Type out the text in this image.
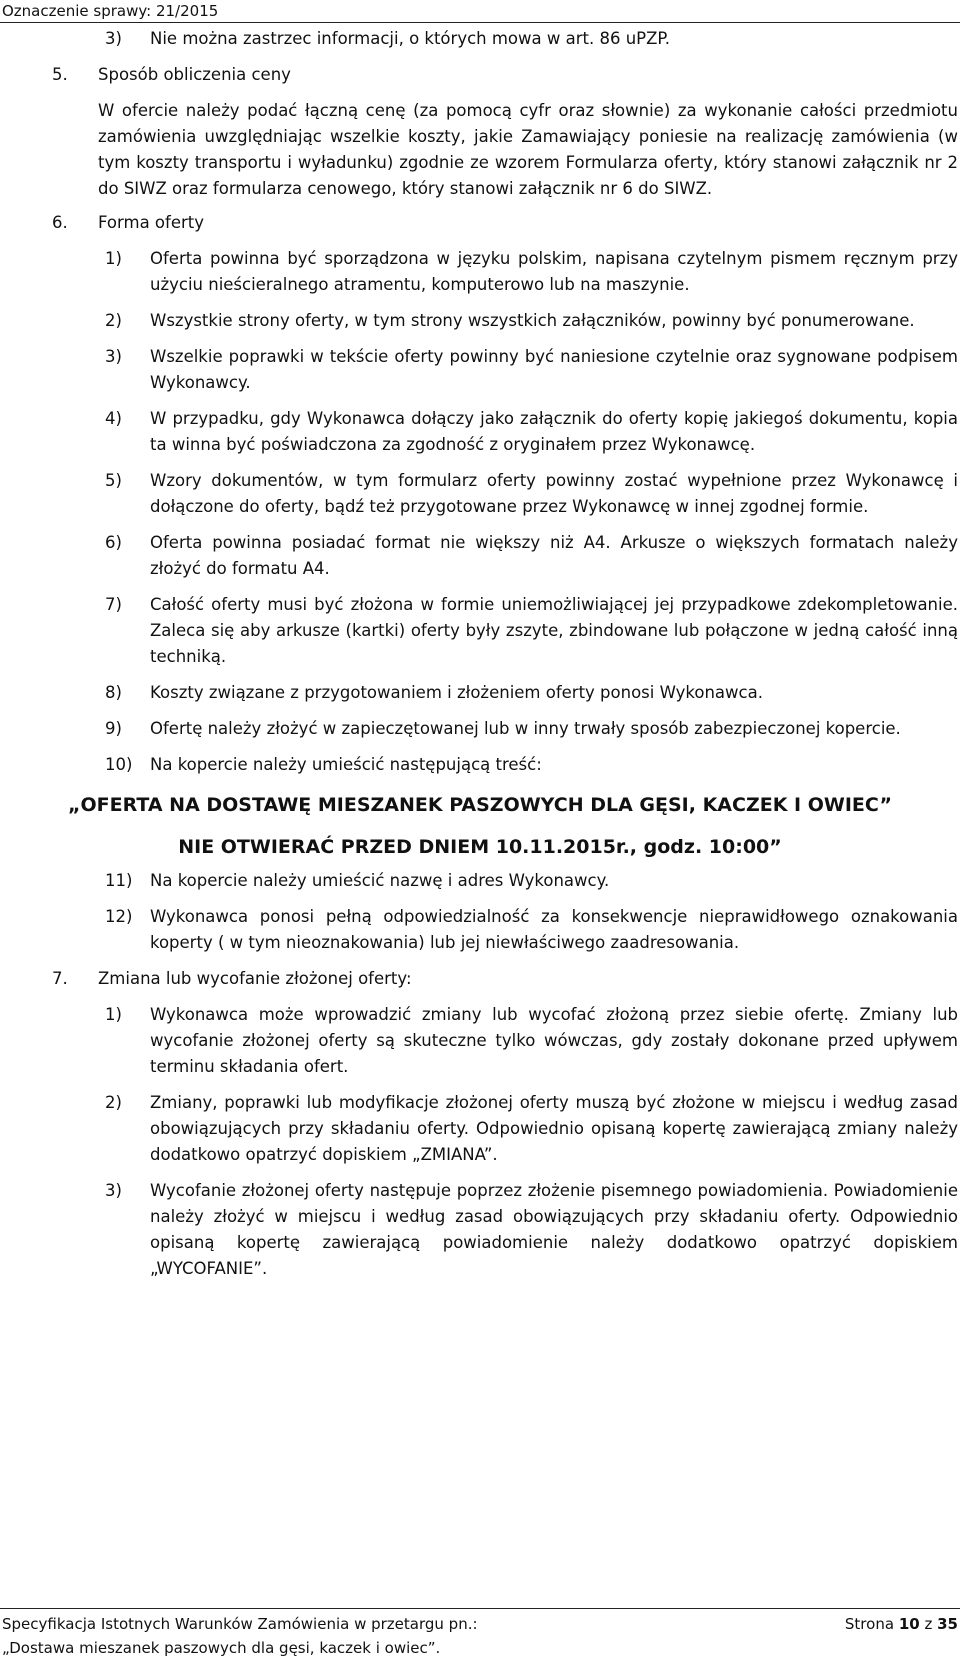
Oznaczenie sprawy: 21/2015
3) Nie można zastrzec informacji, o których mowa w art. 86 uPZP.
5. Sposób obliczenia ceny
W ofercie należy podać łączną cenę (za pomocą cyfr oraz słownie) za wykonanie całości przedmiotu zamówienia uwzględniając wszelkie koszty, jakie Zamawiający poniesie na realizację zamówienia (w tym koszty transportu i wyładunku) zgodnie ze wzorem Formularza oferty, który stanowi załącznik nr 2 do SIWZ oraz formularza cenowego, który stanowi załącznik nr 6 do SIWZ.
6. Forma oferty
1) Oferta powinna być sporządzona w języku polskim, napisana czytelnym pismem ręcznym przy użyciu nieścieralnego atramentu, komputerowo lub na maszynie.
2) Wszystkie strony oferty, w tym strony wszystkich załączników, powinny być ponumerowane.
3) Wszelkie poprawki w tekście oferty powinny być naniesione czytelnie oraz sygnowane podpisem Wykonawcy.
4) W przypadku, gdy Wykonawca dołączy jako załącznik do oferty kopię jakiegoś dokumentu, kopia ta winna być poświadczona za zgodność z oryginałem przez Wykonawcę.
5) Wzory dokumentów, w tym formularz oferty powinny zostać wypełnione przez Wykonawcę i dołączone do oferty, bądź też przygotowane przez Wykonawcę w innej zgodnej formie.
6) Oferta powinna posiadać format nie większy niż A4. Arkusze o większych formatach należy złożyć do formatu A4.
7) Całość oferty musi być złożona w formie uniemożliwiającej jej przypadkowe zdekompletowanie. Zaleca się aby arkusze (kartki) oferty były zszyte, zbindowane lub połączone w jedną całość inną techniką.
8) Koszty związane z przygotowaniem i złożeniem oferty ponosi Wykonawca.
9) Ofertę należy złożyć w zapieczętowanej lub w inny trwały sposób zabezpieczonej kopercie.
10) Na kopercie należy umieścić następującą treść:

„OFERTA NA DOSTAWĘ MIESZANEK PASZOWYCH DLA GĘSI, KACZEK I OWIEC”

NIE OTWIERAĆ PRZED DNIEM 10.11.2015r., godz. 10:00”

11) Na kopercie należy umieścić nazwę i adres Wykonawcy.
12) Wykonawca ponosi pełną odpowiedzialność za konsekwencje nieprawidłowego oznakowania koperty ( w tym nieoznakowania) lub jej niewłaściwego zaadresowania.
7. Zmiana lub wycofanie złożonej oferty:
1) Wykonawca może wprowadzić zmiany lub wycofać złożoną przez siebie ofertę. Zmiany lub wycofanie złożonej oferty są skuteczne tylko wówczas, gdy zostały dokonane przed upływem terminu składania ofert.
2) Zmiany, poprawki lub modyfikacje złożonej oferty muszą być złożone w miejscu i według zasad obowiązujących przy składaniu oferty. Odpowiednio opisaną kopertę zawierającą zmiany należy dodatkowo opatrzyć dopiskiem „ZMIANA”.
3) Wycofanie złożonej oferty następuje poprzez złożenie pisemnego powiadomienia. Powiadomienie należy złożyć w miejscu i według zasad obowiązujących przy składaniu oferty. Odpowiednio opisaną kopertę zawierającą powiadomienie należy dodatkowo opatrzyć dopiskiem „WYCOFANIE”.
Specyfikacja Istotnych Warunków Zamówienia w przetargu pn.:	Strona 10 z 35
„Dostawa mieszanek paszowych dla gęsi, kaczek i owiec”.
